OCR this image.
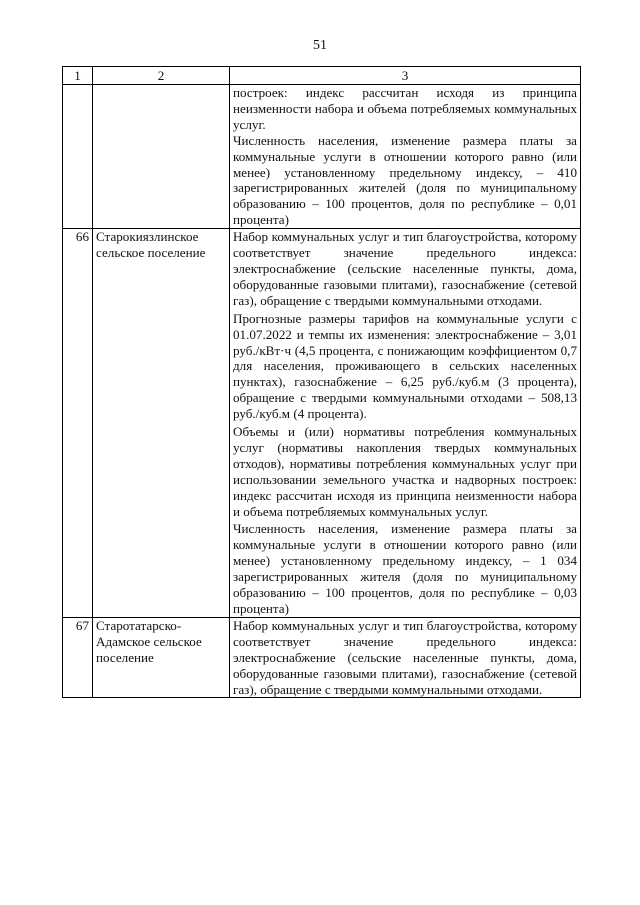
51
1	2	3

		построек: индекс рассчитан исходя из принципа неизменности набора и объема потребляемых коммунальных услуг.

Численность населения, изменение размера платы за коммунальные услуги в отношении которого равно (или менее) установленному предельному индексу, – 410 зарегистрированных жителей (доля по муниципальному образованию – 100 процентов, доля по республике – 0,01 процента)

66	Старокиязлинское сельское поселение	Набор коммунальных услуг и тип благоустройства, которому соответствует значение предельного индекса: электроснабжение (сельские населенные пункты, дома, оборудованные газовыми плитами), газоснабжение (сетевой газ), обращение с твердыми коммунальными отходами.

Прогнозные размеры тарифов на коммунальные услуги с 01.07.2022 и темпы их изменения: электроснабжение – 3,01 руб./кВт·ч (4,5 процента, с понижающим коэффициентом 0,7 для населения, проживающего в сельских населенных пунктах), газоснабжение – 6,25 руб./куб.м (3 процента), обращение с твердыми коммунальными отходами – 508,13 руб./куб.м (4 процента).

Объемы и (или) нормативы потребления коммунальных услуг (нормативы накопления твердых коммунальных отходов), нормативы потребления коммунальных услуг при использовании земельного участка и надворных построек: индекс рассчитан исходя из принципа неизменности набора и объема потребляемых коммунальных услуг.

Численность населения, изменение размера платы за коммунальные услуги в отношении которого равно (или менее) установленному предельному индексу, – 1 034 зарегистрированных жителя (доля по муниципальному образованию – 100 процентов, доля по республике – 0,03 процента)

67	Старотатарско-Адамское сельское поселение	Набор коммунальных услуг и тип благоустройства, которому соответствует значение предельного индекса: электроснабжение (сельские населенные пункты, дома, оборудованные газовыми плитами), газоснабжение (сетевой газ), обращение с твердыми коммунальными отходами.
